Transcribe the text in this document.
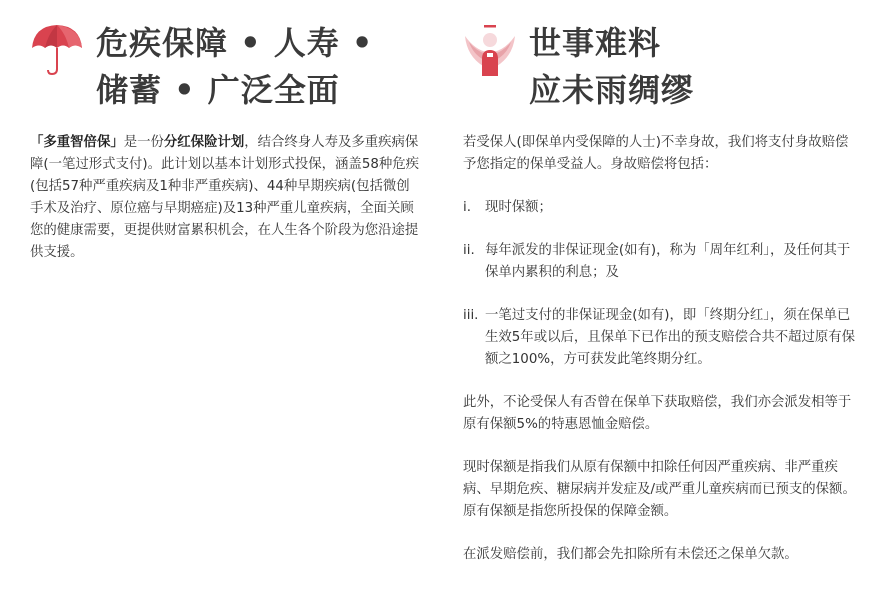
危疾保障 • 人寿 •
储蓄 • 广泛全面

「多重智倍保」是一份分红保险计划，结合终身人寿及多重疾病保障(一笔过形式支付)。此计划以基本计划形式投保，涵盖58种危疾(包括57种严重疾病及1种非严重疾病)、44种早期疾病(包括微创手术及治疗、原位癌与早期癌症)及13种严重儿童疾病，全面关顾您的健康需要，更提供财富累积机会，在人生各个阶段为您沿途提供支援。

世事难料
应未雨绸缪

若受保人(即保单内受保障的人士)不幸身故，我们将支付身故赔偿予您指定的保单受益人。身故赔偿将包括：

i.	现时保额；
ii. 每年派发的非保证现金(如有)，称为「周年红利」，及任何其于保单内累积的利息；及
iii. 一笔过支付的非保证现金(如有)，即「终期分红」，须在保单已生效5年或以后，且保单下已作出的预支赔偿合共不超过原有保额之100%，方可获发此笔终期分红。

此外，不论受保人有否曾在保单下获取赔偿，我们亦会派发相等于原有保额5%的特惠恩恤金赔偿。

现时保额是指我们从原有保额中扣除任何因严重疾病、非严重疾病、早期危疾、糖尿病并发症及/或严重儿童疾病而已预支的保额。原有保额是指您所投保的保障金额。

在派发赔偿前，我们都会先扣除所有未偿还之保单欠款。
